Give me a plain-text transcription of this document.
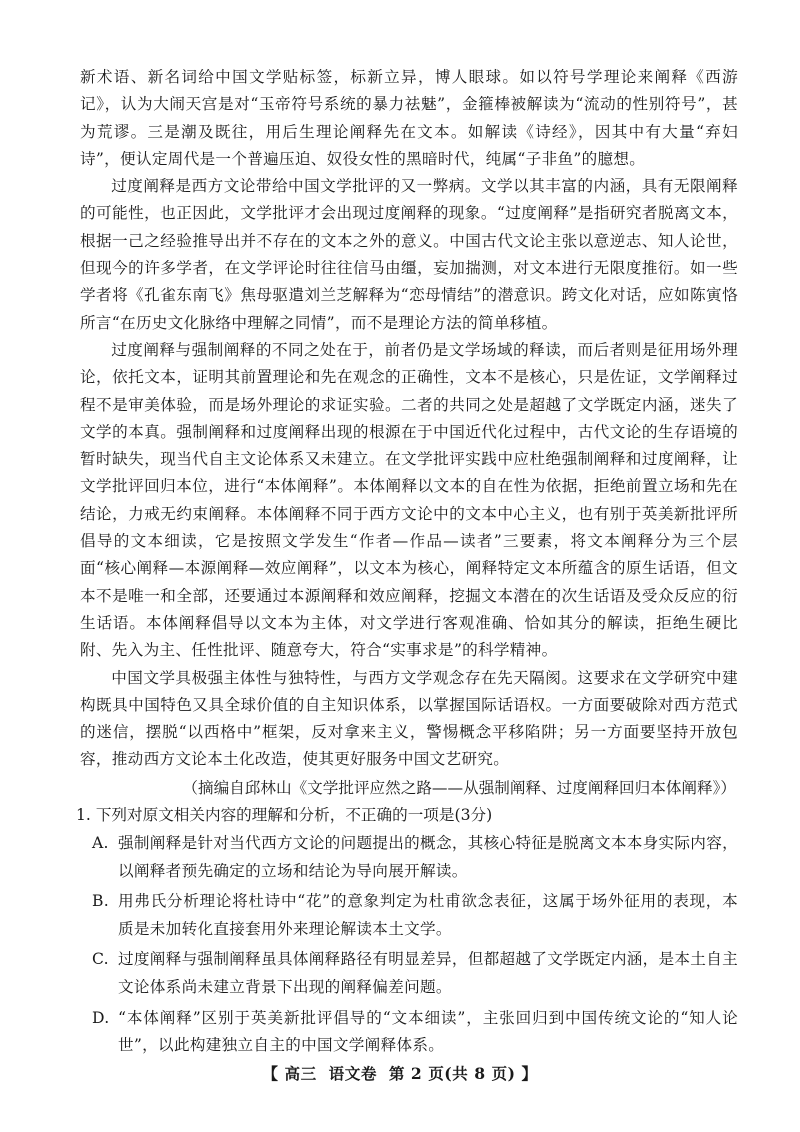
新术语、新名词给中国文学贴标签，标新立异，博人眼球。如以符号学理论来阐释《西游记》，认为大闹天宫是对“玉帝符号系统的暴力祛魅”，金箍棒被解读为“流动的性别符号”，甚为荒谬。三是潮及既往，用后生理论阐释先在文本。如解读《诗经》，因其中有大量“弃妇诗”，便认定周代是一个普遍压迫、奴役女性的黑暗时代，纯属“子非鱼”的臆想。

过度阐释是西方文论带给中国文学批评的又一弊病。文学以其丰富的内涵，具有无限阐释的可能性，也正因此，文学批评才会出现过度阐释的现象。“过度阐释”是指研究者脱离文本，根据一己之经验推导出并不存在的文本之外的意义。中国古代文论主张以意逆志、知人论世，但现今的许多学者，在文学评论时往往信马由缰，妄加揣测，对文本进行无限度推衍。如一些学者将《孔雀东南飞》焦母驱遣刘兰芝解释为“恋母情结”的潜意识。跨文化对话，应如陈寅恪所言“在历史文化脉络中理解之同情”，而不是理论方法的简单移植。

过度阐释与强制阐释的不同之处在于，前者仍是文学场域的释读，而后者则是征用场外理论，依托文本，证明其前置理论和先在观念的正确性，文本不是核心，只是佐证，文学阐释过程不是审美体验，而是场外理论的求证实验。二者的共同之处是超越了文学既定内涵，迷失了文学的本真。强制阐释和过度阐释出现的根源在于中国近代化过程中，古代文论的生存语境的暂时缺失，现当代自主文论体系又未建立。在文学批评实践中应杜绝强制阐释和过度阐释，让文学批评回归本位，进行“本体阐释”。本体阐释以文本的自在性为依据，拒绝前置立场和先在结论，力戒无约束阐释。本体阐释不同于西方文论中的文本中心主义，也有别于英美新批评所倡导的文本细读，它是按照文学发生“作者—作品—读者”三要素，将文本阐释分为三个层面“核心阐释—本源阐释—效应阐释”，以文本为核心，阐释特定文本所蕴含的原生话语，但文本不是唯一和全部，还要通过本源阐释和效应阐释，挖掘文本潜在的次生话语及受众反应的衍生话语。本体阐释倡导以文本为主体，对文学进行客观准确、恰如其分的解读，拒绝生硬比附、先入为主、任性批评、随意夸大，符合“实事求是”的科学精神。

中国文学具极强主体性与独特性，与西方文学观念存在先天隔阂。这要求在文学研究中建构既具中国特色又具全球价值的自主知识体系，以掌握国际话语权。一方面要破除对西方范式的迷信，摆脱“以西格中”框架，反对拿来主义，警惕概念平移陷阱；另一方面要坚持开放包容，推动西方文论本土化改造，使其更好服务中国文艺研究。

（摘编自邱林山《文学批评应然之路——从强制阐释、过度阐释回归本体阐释》）

1. 下列对原文相关内容的理解和分析，不正确的一项是(3分)

A. 强制阐释是针对当代西方文论的问题提出的概念，其核心特征是脱离文本本身实际内容，以阐释者预先确定的立场和结论为导向展开解读。
B. 用弗氏分析理论将杜诗中“花”的意象判定为杜甫欲念表征，这属于场外征用的表现，本质是未加转化直接套用外来理论解读本土文学。
C. 过度阐释与强制阐释虽具体阐释路径有明显差异，但都超越了文学既定内涵，是本土自主文论体系尚未建立背景下出现的阐释偏差问题。
D. “本体阐释”区别于英美新批评倡导的“文本细读”，主张回归到中国传统文论的“知人论世”，以此构建独立自主的中国文学阐释体系。
【 高三 语文卷 第 2 页(共 8 页) 】
